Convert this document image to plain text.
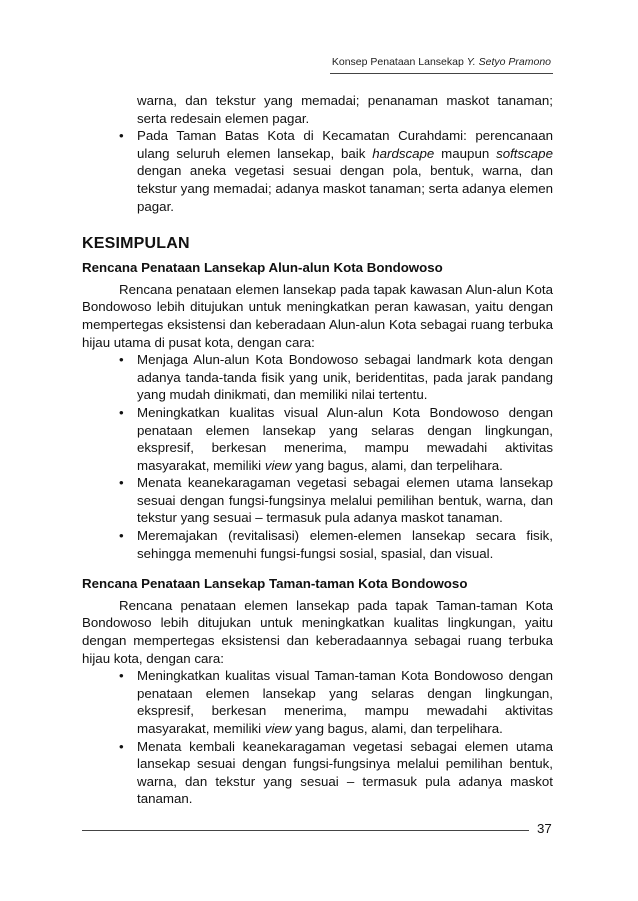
Konsep Penataan Lansekap Y. Setyo Pramono

warna, dan tekstur yang memadai; penanaman maskot tanaman; serta redesain elemen pagar.

• Pada Taman Batas Kota di Kecamatan Curahdami: perencanaan ulang seluruh elemen lansekap, baik hardscape maupun softscape dengan aneka vegetasi sesuai dengan pola, bentuk, warna, dan tekstur yang memadai; adanya maskot tanaman; serta adanya elemen pagar.
KESIMPULAN
Rencana Penataan Lansekap Alun-alun Kota Bondowoso

Rencana penataan elemen lansekap pada tapak kawasan Alun-alun Kota Bondowoso lebih ditujukan untuk meningkatkan peran kawasan, yaitu dengan mempertegas eksistensi dan keberadaan Alun-alun Kota sebagai ruang terbuka hijau utama di pusat kota, dengan cara:

• Menjaga Alun-alun Kota Bondowoso sebagai landmark kota dengan adanya tanda-tanda fisik yang unik, beridentitas, pada jarak pandang yang mudah dinikmati, dan memiliki nilai tertentu.
• Meningkatkan kualitas visual Alun-alun Kota Bondowoso dengan penataan elemen lansekap yang selaras dengan lingkungan, ekspresif, berkesan menerima, mampu mewadahi aktivitas masyarakat, memiliki view yang bagus, alami, dan terpelihara.
• Menata keanekaragaman vegetasi sebagai elemen utama lansekap sesuai dengan fungsi-fungsinya melalui pemilihan bentuk, warna, dan tekstur yang sesuai – termasuk pula adanya maskot tanaman.
• Meremajakan (revitalisasi) elemen-elemen lansekap secara fisik, sehingga memenuhi fungsi-fungsi sosial, spasial, dan visual.
Rencana Penataan Lansekap Taman-taman Kota Bondowoso

Rencana penataan elemen lansekap pada tapak Taman-taman Kota Bondowoso lebih ditujukan untuk meningkatkan kualitas lingkungan, yaitu dengan mempertegas eksistensi dan keberadaannya sebagai ruang terbuka hijau kota, dengan cara:

• Meningkatkan kualitas visual Taman-taman Kota Bondowoso dengan penataan elemen lansekap yang selaras dengan lingkungan, ekspresif, berkesan menerima, mampu mewadahi aktivitas masyarakat, memiliki view yang bagus, alami, dan terpelihara.
• Menata kembali keanekaragaman vegetasi sebagai elemen utama lansekap sesuai dengan fungsi-fungsinya melalui pemilihan bentuk, warna, dan tekstur yang sesuai – termasuk pula adanya maskot tanaman.
37
